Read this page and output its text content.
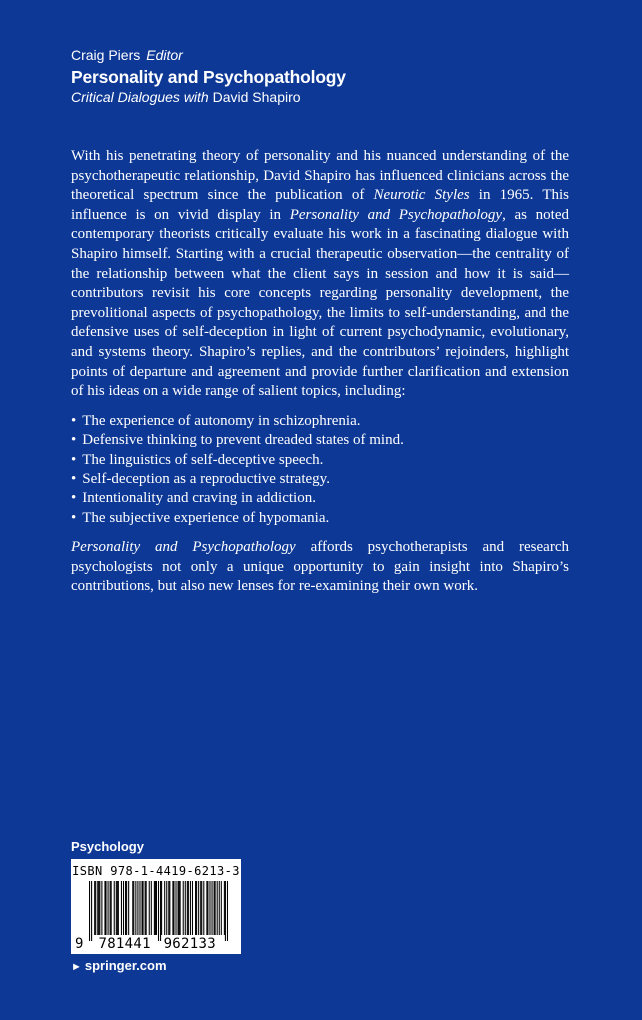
Craig Piers Editor
Personality and Psychopathology
Critical Dialogues with David Shapiro

With his penetrating theory of personality and his nuanced understanding of the psychotherapeutic relationship, David Shapiro has influenced clinicians across the theoretical spectrum since the publication of Neurotic Styles in 1965. This influence is on vivid display in Personality and Psychopathology, as noted contemporary theorists critically evaluate his work in a fascinating dialogue with Shapiro himself. Starting with a crucial therapeutic observation—the centrality of the relationship between what the client says in session and how it is said—contributors revisit his core concepts regarding personality development, the prevolitional aspects of psychopathology, the limits to self-understanding, and the defensive uses of self-deception in light of current psychodynamic, evolutionary, and systems theory. Shapiro’s replies, and the contributors’ rejoinders, highlight points of departure and agreement and provide further clarification and extension of his ideas on a wide range of salient topics, including:

• The experience of autonomy in schizophrenia.
• Defensive thinking to prevent dreaded states of mind.
• The linguistics of self-deceptive speech.
• Self-deception as a reproductive strategy.
• Intentionality and craving in addiction.
• The subjective experience of hypomania.

Personality and Psychopathology affords psychotherapists and research psychologists not only a unique opportunity to gain insight into Shapiro’s contributions, but also new lenses for re-examining their own work.

Psychology
ISBN 978-1-4419-6213-3
9 781441 962133
► springer.com
